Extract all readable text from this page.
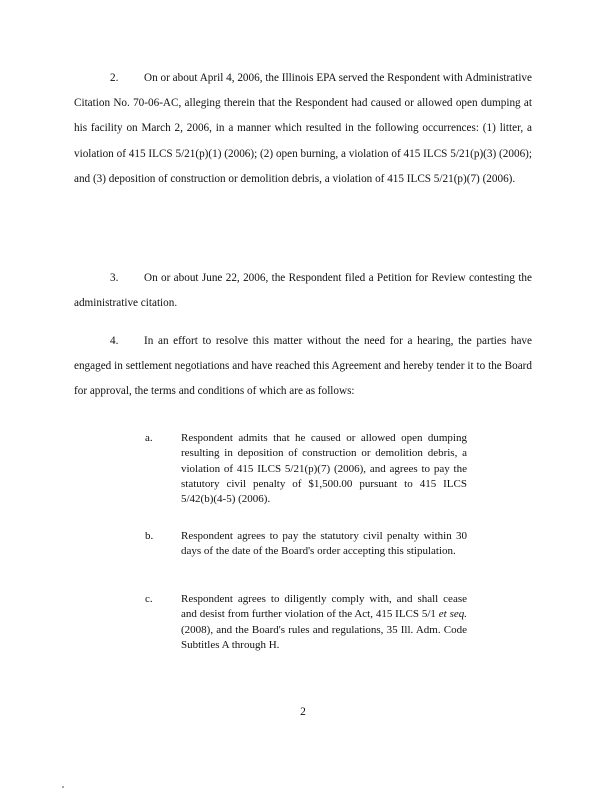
2. On or about April 4, 2006, the Illinois EPA served the Respondent with Administrative Citation No. 70-06-AC, alleging therein that the Respondent had caused or allowed open dumping at his facility on March 2, 2006, in a manner which resulted in the following occurrences: (1) litter, a violation of 415 ILCS 5/21(p)(1) (2006); (2) open burning, a violation of 415 ILCS 5/21(p)(3) (2006); and (3) deposition of construction or demolition debris, a violation of 415 ILCS 5/21(p)(7) (2006).

3. On or about June 22, 2006, the Respondent filed a Petition for Review contesting the administrative citation.

4. In an effort to resolve this matter without the need for a hearing, the parties have engaged in settlement negotiations and have reached this Agreement and hereby tender it to the Board for approval, the terms and conditions of which are as follows:

a.	Respondent admits that he caused or allowed open dumping resulting in deposition of construction or demolition debris, a violation of 415 ILCS 5/21(p)(7) (2006), and agrees to pay the statutory civil penalty of $1,500.00 pursuant to 415 ILCS 5/42(b)(4-5) (2006).
b.	Respondent agrees to pay the statutory civil penalty within 30 days of the date of the Board's order accepting this stipulation.
c.	Respondent agrees to diligently comply with, and shall cease and desist from further violation of the Act, 415 ILCS 5/1 et seq. (2008), and the Board's rules and regulations, 35 Ill. Adm. Code Subtitles A through H.
2
